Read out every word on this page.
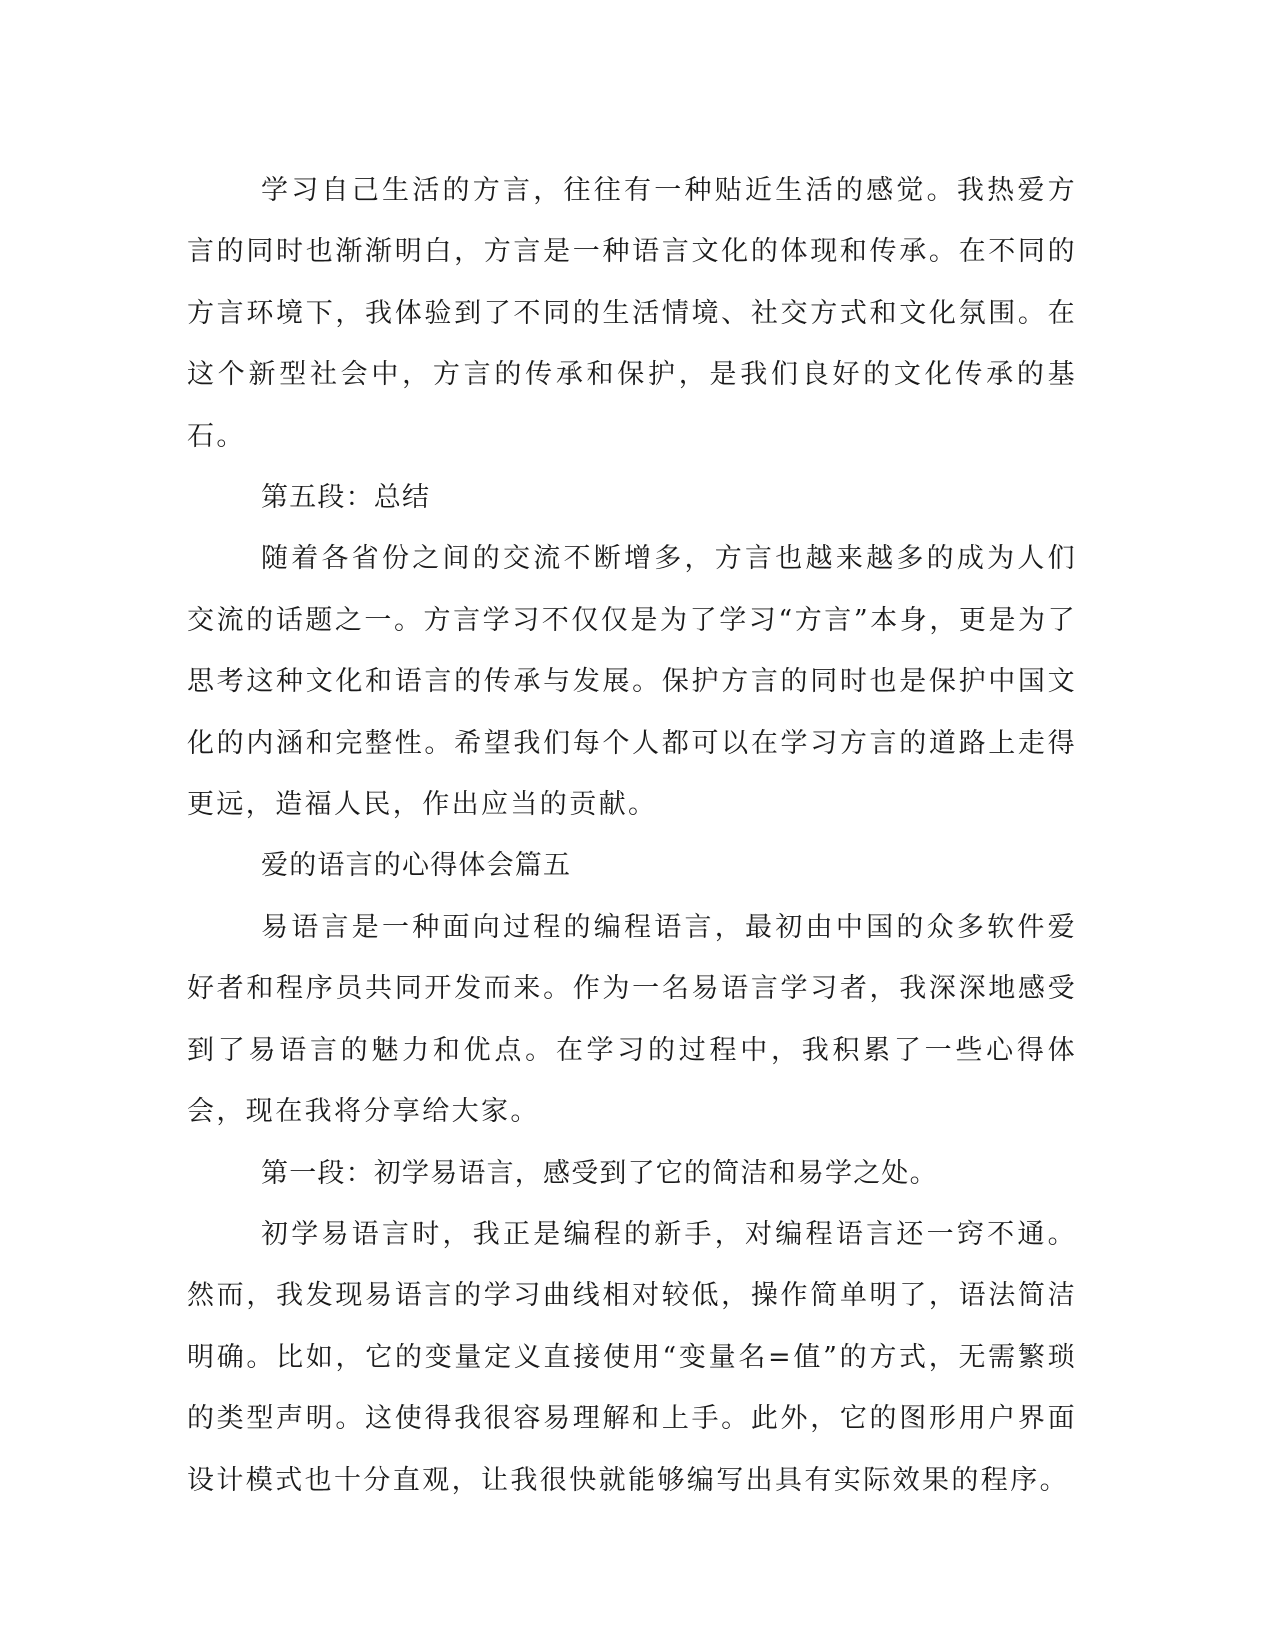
学习自己生活的方言，往往有一种贴近生活的感觉。我热爱方言的同时也渐渐明白，方言是一种语言文化的体现和传承。在不同的方言环境下，我体验到了不同的生活情境、社交方式和文化氛围。在这个新型社会中，方言的传承和保护，是我们良好的文化传承的基石。

第五段：总结

随着各省份之间的交流不断增多，方言也越来越多的成为人们交流的话题之一。方言学习不仅仅是为了学习“方言”本身，更是为了思考这种文化和语言的传承与发展。保护方言的同时也是保护中国文化的内涵和完整性。希望我们每个人都可以在学习方言的道路上走得更远，造福人民，作出应当的贡献。

爱的语言的心得体会篇五

易语言是一种面向过程的编程语言，最初由中国的众多软件爱好者和程序员共同开发而来。作为一名易语言学习者，我深深地感受到了易语言的魅力和优点。在学习的过程中，我积累了一些心得体会，现在我将分享给大家。

第一段：初学易语言，感受到了它的简洁和易学之处。

初学易语言时，我正是编程的新手，对编程语言还一窍不通。然而，我发现易语言的学习曲线相对较低，操作简单明了，语法简洁明确。比如，它的变量定义直接使用“变量名=值”的方式，无需繁琐的类型声明。这使得我很容易理解和上手。此外，它的图形用户界面设计模式也十分直观，让我很快就能够编写出具有实际效果的程序。
